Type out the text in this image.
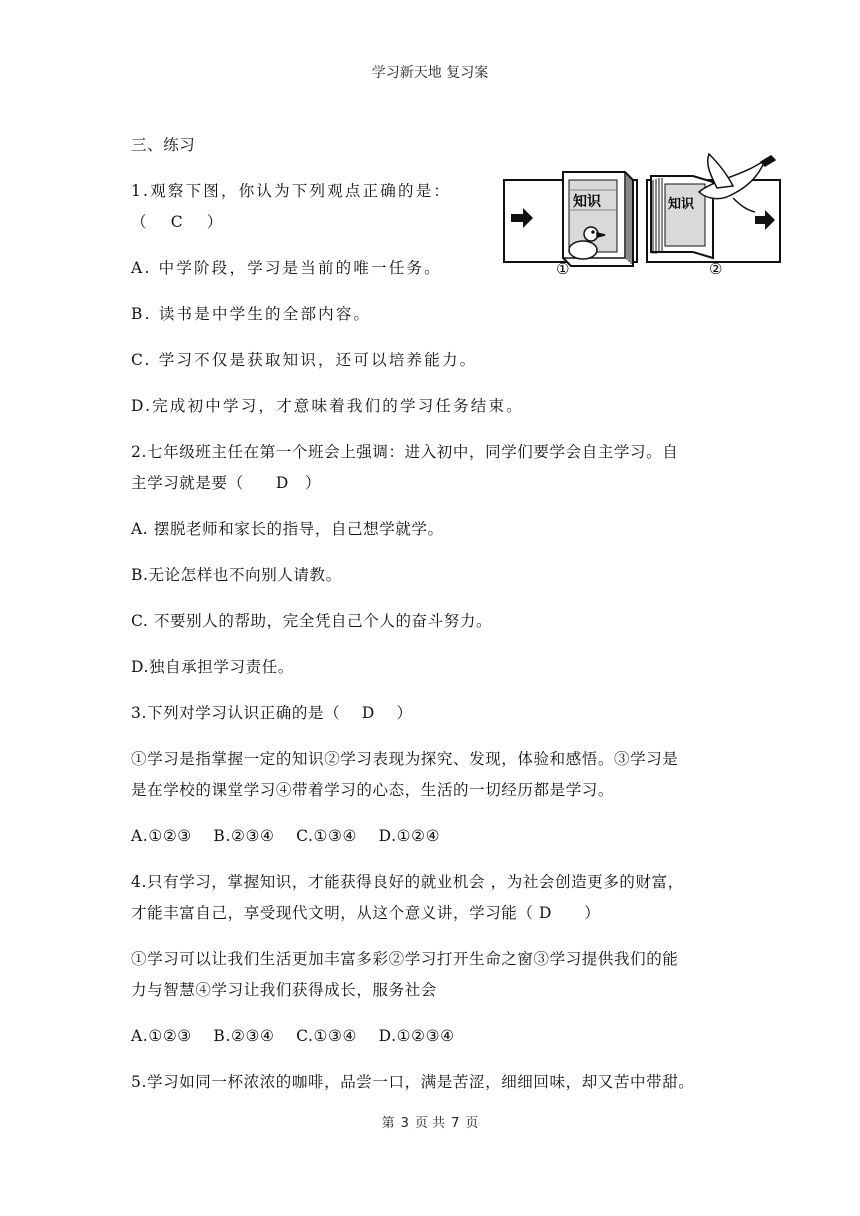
学习新天地 复习案
知识	知识
①	②
三、练习
1.观察下图，你认为下列观点正确的是：
（ C ）
A. 中学阶段，学习是当前的唯一任务。
B. 读书是中学生的全部内容。
C. 学习不仅是获取知识，还可以培养能力。
D.完成初中学习，才意味着我们的学习任务结束。
2.七年级班主任在第一个班会上强调：进入初中，同学们要学会自主学习。自
主学习就是要（　　D　）
A. 摆脱老师和家长的指导，自己想学就学。
B.无论怎样也不向别人请教。
C. 不要别人的帮助，完全凭自己个人的奋斗努力。
D.独自承担学习责任。
3.下列对学习认识正确的是（　 D　 ）
①学习是指掌握一定的知识②学习表现为探究、发现，体验和感悟。③学习是
是在学校的课堂学习④带着学习的心态，生活的一切经历都是学习。
A.①②③　 B.②③④　 C.①③④　 D.①②④
4.只有学习，掌握知识，才能获得良好的就业机会 ，为社会创造更多的财富，
才能丰富自己，享受现代文明，从这个意义讲，学习能（ D　　）
①学习可以让我们生活更加丰富多彩②学习打开生命之窗③学习提供我们的能
力与智慧④学习让我们获得成长，服务社会
A.①②③　 B.②③④　 C.①③④　 D.①②③④
5.学习如同一杯浓浓的咖啡，品尝一口，满是苦涩，细细回味，却又苦中带甜。
第 3 页 共 7 页
